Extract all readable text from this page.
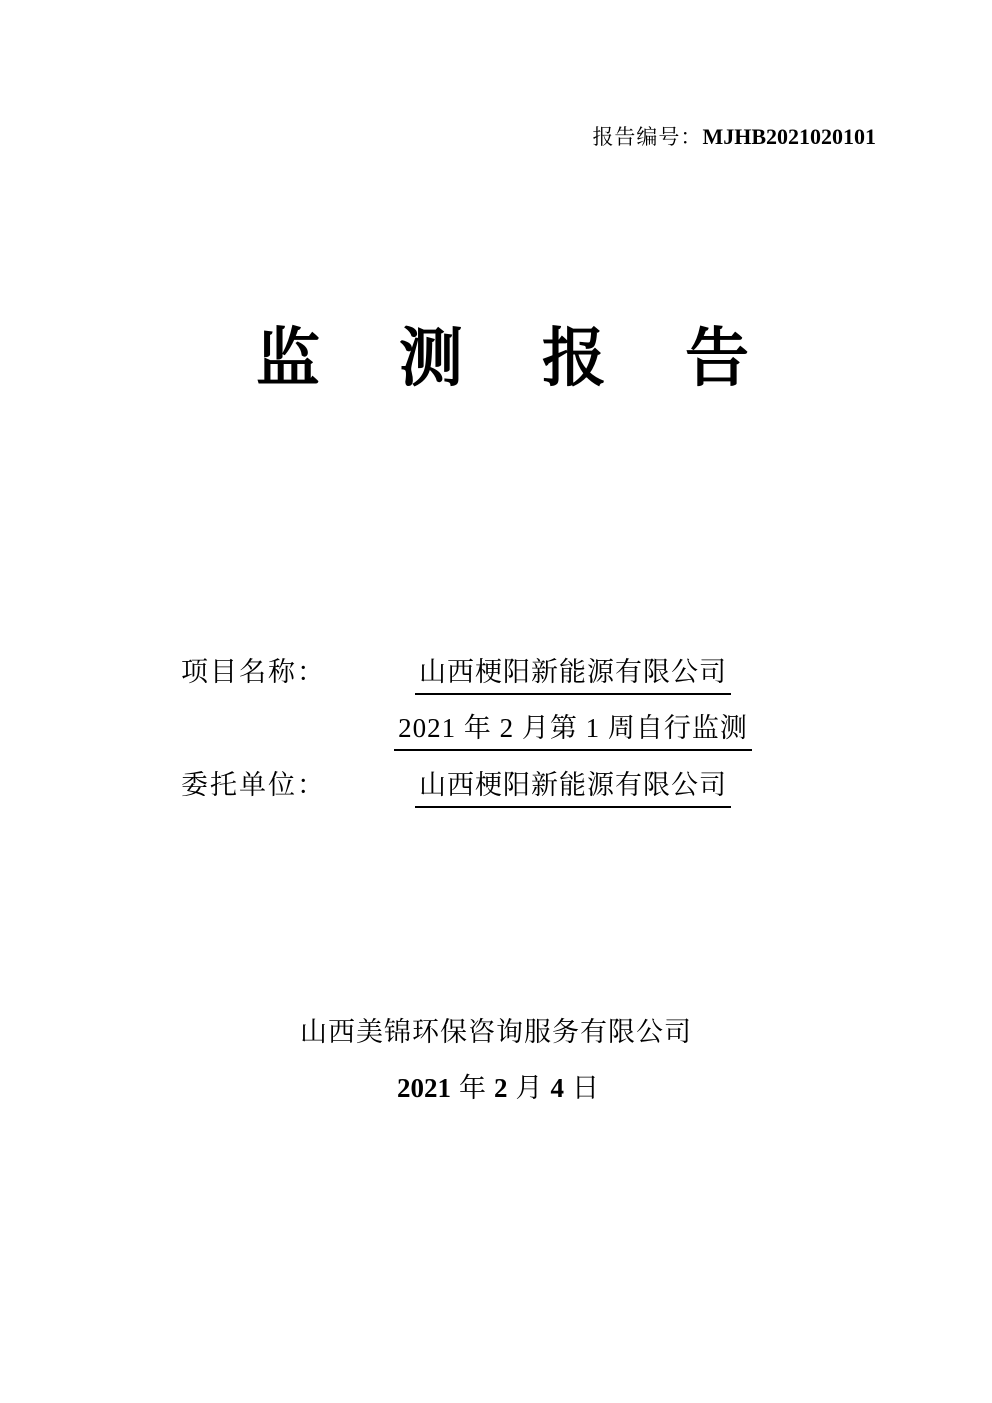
报告编号：MJHB2021020101
监测报告
项目名称：	山西梗阳新能源有限公司
2021 年 2 月第 1 周自行监测
委托单位：	山西梗阳新能源有限公司
山西美锦环保咨询服务有限公司
2021 年 2 月 4 日
